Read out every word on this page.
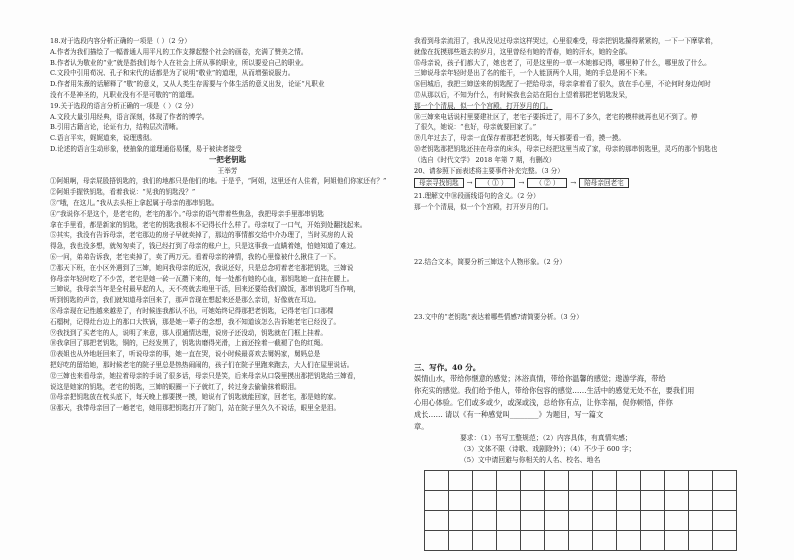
18.对于选段内容分析正确的一项是（ ）（2 分）
A.作者为我们描绘了一幅普通人用平凡的工作支撑起整个社会的画卷，充满了赞美之情。
B.作者认为敬业的“业”就是指我们每个人在社会上所从事的职业，所以要爱自己的职业。
C.文段中引用荀况、孔子和宋代的话都是为了说明“敬业”的道理，从而增强说服力。
D.作者用朱熹的话解释了“敬”的意义，又从人类生存需要与个体生活的意义出发，论证“凡职业
没有不是神圣的，凡职业没有不是可敬的”的道理。
19.关于选段的语言分析正确的一项是（ ）（2 分）
A.文段大量引用经典，语言深刻，体现了作者的博学。
B.引用古籍言论，论证有力，结构层次清晰。
C.语言平实，娓娓道来，说理透彻。
D.论述的语言生动形象，使抽象的道理通俗易懂，易于被读者接受
一把老钥匙
王举芳
①阿姐啊，母亲屁股捂钥匙的，我们的地都只是他们的地。于是乎，“阿姐，这里还有人住着，阿姐他们你家还有？”
②阿姐手握铁钥匙，看着我说：“见我的钥匙没？”
③“哦，在这儿。”我从去头柜上拿起属于母亲的那串钥匙。
④“我说你不是这个，是老宅的，老宅的那个。”母亲的语气带着些焦急，我把母亲手里那串钥匙
拿在手里看，都是新家的钥匙，老宅的钥匙我根本不记得长什么样了。母亲叹了一口气，开始到处翻找起来。
⑤其实，我没有告诉母亲，老宅那边的房子早就卖掉了，那边的事情都交给中介办理了，当时买房的人说
得急，我也没多想，就匆匆卖了，钱已经打到了母亲的账户上，只是这事我一直瞒着她，怕她知道了难过。
⑥一问，弟弟告诉我，老宅卖掉了，卖了两万元。看着母亲的神情，我的心里像被什么揪住了一下。
⑦那天下班，在小区外遇到了三婶，她问我母亲的近况，我说还好，只是总念叨着老宅那把钥匙，三婶说
你母亲年轻时吃了不少苦，老宅是她一砖一瓦攒下来的，每一处都有她的心血，那钥匙她一直挂在腰上。
三婶说，我母亲当年是全村最早起的人，天不亮就去地里干活，回来还要给我们做饭，那串钥匙叮当作响，
听到钥匙的声音，我们就知道母亲回来了，那声音现在想起来还是那么亲切，好像就在耳边。
⑧母亲现在记性越来越差了，有时候连我都认不出，可她始终记得那把老钥匙，记得老宅门口那棵
石榴树，记得灶台边上的那口大铁锅，那是她一辈子的念想，我不知道该怎么告诉她老宅已经没了。
⑨我找到了买老宅的人，说明了来意，那人很通情达理，说房子还没动，钥匙就在门框上挂着。
⑩我拿回了那把老钥匙，铜的，已经发黑了，钥匙齿磨得光滑，上面还拴着一截褪了色的红绳。
⑪表姐也从外地赶回来了，听说母亲的事，她一直在哭，说小时候最喜欢去舅妈家，舅妈总是
把好吃的留给她，那时候老宅的院子里总是热热闹闹的，孩子们在院子里跑来跑去，大人们在屋里说话。
⑫三婶也来看母亲，她拉着母亲的手说了很多话，母亲只是笑，后来母亲从口袋里摸出那把钥匙给三婶看，
说这是她家的钥匙，老宅的钥匙，三婶的眼圈一下子就红了，转过身去偷偷抹着眼泪。
⑬母亲把钥匙放在枕头底下，每天晚上都要摸一摸，她说有了钥匙就能回家，回老宅，那是她的家。
⑭那天，我带母亲回了一趟老宅，她用那把钥匙打开了院门，站在院子里久久不说话，眼里全是泪。
我看到母亲流泪了，我从没见过母亲这样哭过，心里很难受，母亲把钥匙攥得紧紧的，一下一下摩挲着，
就像在抚摸那些逝去的岁月，这里曾经有她的青春，她的汗水，她的全部。
⑮母亲说，孩子们都大了，她也老了，可是这里的一草一木她都记得，哪里种了什么，哪里放了什么。
三婶说母亲年轻时是出了名的能干，一个人能顶两个人用，她的手总是闲不下来。
⑯回城后，我把三婶送来的钥匙配了一把给母亲，母亲拿着看了很久，放在手心里，不论何时身边何时
⑰从那以后，不知为什么，有时候我也会站在阳台上望着那把老钥匙发呆，
那一个个清晨，似一个个宫殿，打开岁月的门。
⑱三婶来电话说村里要建社区了，老宅子要拆迁了，用不了多久，老宅的模样就再也见不到了。停
了很久，她说：“也好，母亲就要回家了。”
⑲几年过去了，母亲一直保存着那把老钥匙，每天都要看一看，摸一摸。
⑳老钥匙那把钥匙还挂在母亲的床头，母亲已经把这里当成了家，母亲的那串钥匙里，灵巧的那个钥匙也
（选自《时代文学》 2018 年第 7 期，有删改）
20、请参照下面表述将主要事件补充完整。（3 分）
母亲寻找钥匙	→	（ ① ）	→	（ ② ）	→	陪母亲回老宅
21.理解文中⑩段画线语句的含义。（2 分）
那一个个清晨，似一个个宫殿，打开岁月的门。
22.结合文本，简要分析三婶这个人物形象。（2 分）
23.文中的“老钥匙”表达着哪些情感?请简要分析。（3 分）
三、写作。40 分。
娱情山水，带给你惬意的感觉；沐浴真情，带给你温馨的感觉；遨游学海，带给
你充实的感觉。我们给予他人，带给你包容的感觉……生活中的感觉无处不在，要我们用
心用心体验。它们或多或少，或深或浅，总给你有点，让你幸福，促你顿悟，伴你
成长…… 请以《有一种感觉叫________》为题目，写一篇文
章。
要求：（1）书写工整规范；（2）内容具体，有真情实感；
（3）文体不限（诗歌、戏剧除外）；（4）不少于 600 字；
（5）文中请回避与你相关的人名、校名、地名
